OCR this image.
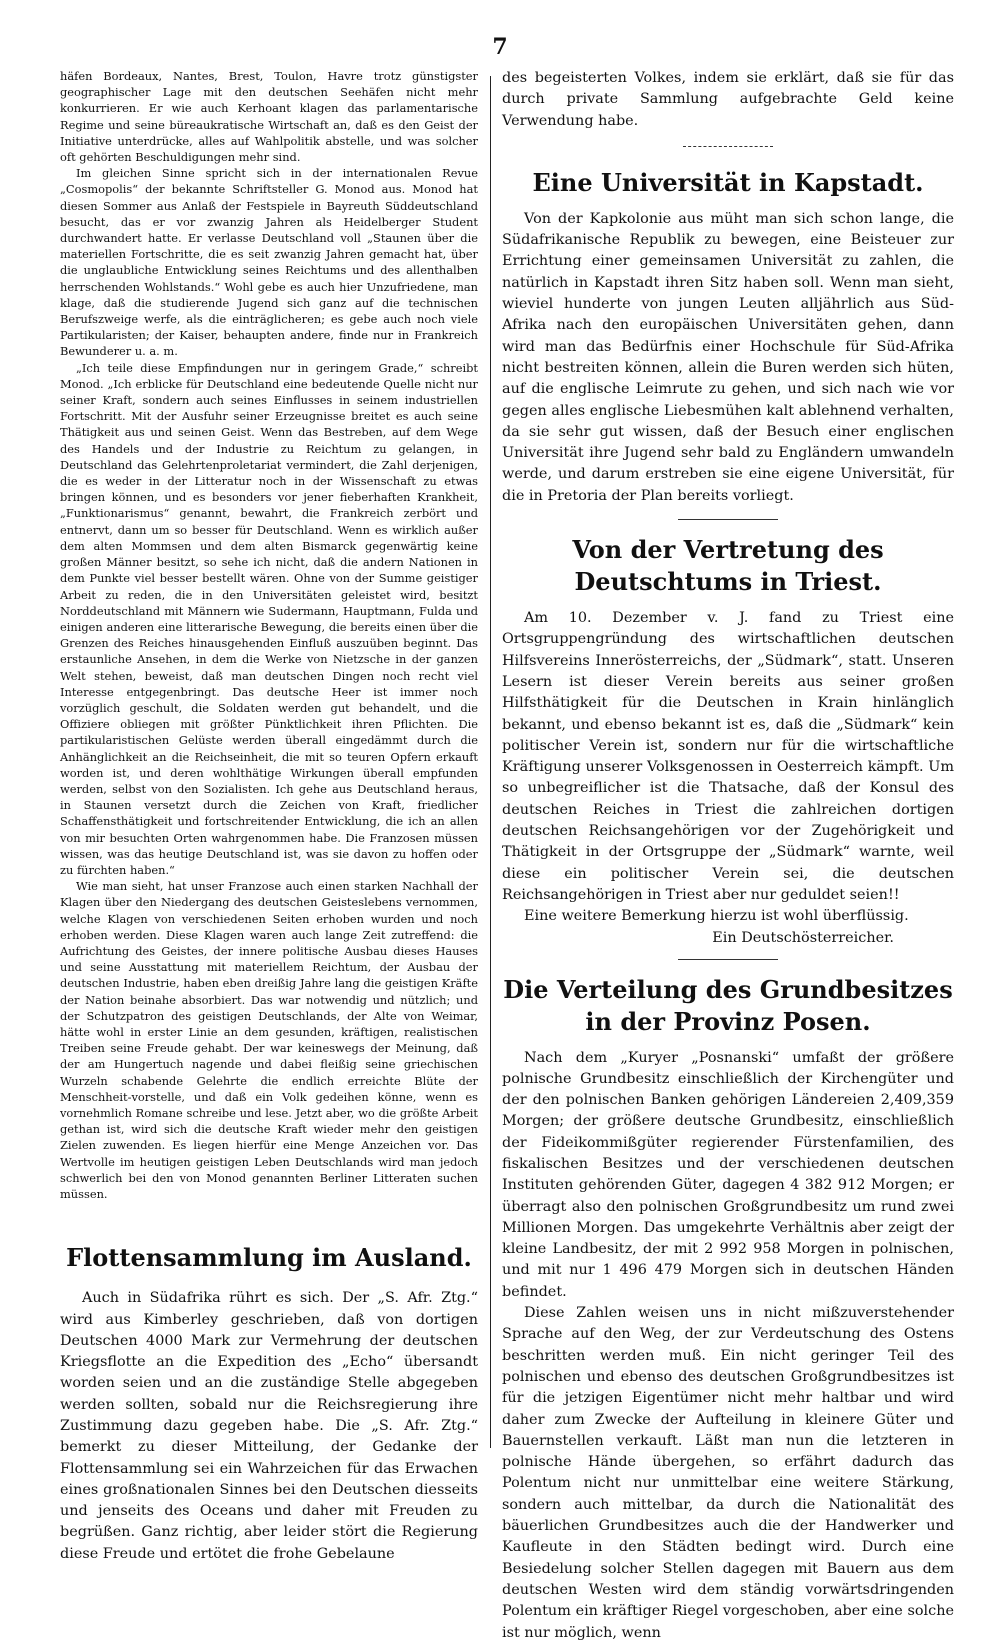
7

häfen Bordeaux, Nantes, Brest, Toulon, Havre trotz günstigster geographischer Lage mit den deutschen Seehäfen nicht mehr konkurrieren. Er wie auch Kerhoant klagen das parlamentarische Regime und seine büreaukratische Wirtschaft an, daß es den Geist der Initiative unterdrücke, alles auf Wahlpolitik abstelle, und was solcher oft gehörten Beschuldigungen mehr sind.

Im gleichen Sinne spricht sich in der internationalen Revue „Cosmopolis“ der bekannte Schriftsteller G. Monod aus. Monod hat diesen Sommer aus Anlaß der Festspiele in Bayreuth Süddeutschland besucht, das er vor zwanzig Jahren als Heidelberger Student durchwandert hatte. Er verlasse Deutschland voll „Staunen über die materiellen Fortschritte, die es seit zwanzig Jahren gemacht hat, über die unglaubliche Entwicklung seines Reichtums und des allenthalben herrschenden Wohlstands.“ Wohl gebe es auch hier Unzufriedene, man klage, daß die studierende Jugend sich ganz auf die technischen Berufszweige werfe, als die einträglicheren; es gebe auch noch viele Partikularisten; der Kaiser, behaupten andere, finde nur in Frankreich Bewunderer u. a. m.

„Ich teile diese Empfindungen nur in geringem Grade,“ schreibt Monod. „Ich erblicke für Deutschland eine bedeutende Quelle nicht nur seiner Kraft, sondern auch seines Einflusses in seinem industriellen Fortschritt. Mit der Ausfuhr seiner Erzeugnisse breitet es auch seine Thätigkeit aus und seinen Geist. Wenn das Bestreben, auf dem Wege des Handels und der Industrie zu Reichtum zu gelangen, in Deutschland das Gelehrtenproletariat vermindert, die Zahl derjenigen, die es weder in der Litteratur noch in der Wissenschaft zu etwas bringen können, und es besonders vor jener fieberhaften Krankheit, „Funktionarismus“ genannt, bewahrt, die Frankreich zerbört und entnervt, dann um so besser für Deutschland. Wenn es wirklich außer dem alten Mommsen und dem alten Bismarck gegenwärtig keine großen Männer besitzt, so sehe ich nicht, daß die andern Nationen in dem Punkte viel besser bestellt wären. Ohne von der Summe geistiger Arbeit zu reden, die in den Universitäten geleistet wird, besitzt Norddeutschland mit Männern wie Sudermann, Hauptmann, Fulda und einigen anderen eine litterarische Bewegung, die bereits einen über die Grenzen des Reiches hinausgehenden Einfluß auszuüben beginnt. Das erstaunliche Ansehen, in dem die Werke von Nietzsche in der ganzen Welt stehen, beweist, daß man deutschen Dingen noch recht viel Interesse entgegenbringt. Das deutsche Heer ist immer noch vorzüglich geschult, die Soldaten werden gut behandelt, und die Offiziere obliegen mit größter Pünktlichkeit ihren Pflichten. Die partikularistischen Gelüste werden überall eingedämmt durch die Anhänglichkeit an die Reichseinheit, die mit so teuren Opfern erkauft worden ist, und deren wohlthätige Wirkungen überall empfunden werden, selbst von den Sozialisten. Ich gehe aus Deutschland heraus, in Staunen versetzt durch die Zeichen von Kraft, friedlicher Schaffensthätigkeit und fortschreitender Entwicklung, die ich an allen von mir besuchten Orten wahrgenommen habe. Die Franzosen müssen wissen, was das heutige Deutschland ist, was sie davon zu hoffen oder zu fürchten haben.“

Wie man sieht, hat unser Franzose auch einen starken Nachhall der Klagen über den Niedergang des deutschen Geisteslebens vernommen, welche Klagen von verschiedenen Seiten erhoben wurden und noch erhoben werden. Diese Klagen waren auch lange Zeit zutreffend: die Aufrichtung des Geistes, der innere politische Ausbau dieses Hauses und seine Ausstattung mit materiellem Reichtum, der Ausbau der deutschen Industrie, haben eben dreißig Jahre lang die geistigen Kräfte der Nation beinahe absorbiert. Das war notwendig und nützlich; und der Schutzpatron des geistigen Deutschlands, der Alte von Weimar, hätte wohl in erster Linie an dem gesunden, kräftigen, realistischen Treiben seine Freude gehabt. Der war keineswegs der Meinung, daß der am Hungertuch nagende und dabei fleißig seine griechischen Wurzeln schabende Gelehrte die endlich erreichte Blüte der Menschheit-vorstelle, und daß ein Volk gedeihen könne, wenn es vornehmlich Romane schreibe und lese. Jetzt aber, wo die größte Arbeit gethan ist, wird sich die deutsche Kraft wieder mehr den geistigen Zielen zuwenden. Es liegen hierfür eine Menge Anzeichen vor. Das Wertvolle im heutigen geistigen Leben Deutschlands wird man jedoch schwerlich bei den von Monod genannten Berliner Litteraten suchen müssen.

Flottensammlung im Ausland.

Auch in Südafrika rührt es sich. Der „S. Afr. Ztg.“ wird aus Kimberley geschrieben, daß von dortigen Deutschen 4000 Mark zur Vermehrung der deutschen Kriegsflotte an die Expedition des „Echo“ übersandt worden seien und an die zuständige Stelle abgegeben werden sollten, sobald nur die Reichsregierung ihre Zustimmung dazu gegeben habe. Die „S. Afr. Ztg.“ bemerkt zu dieser Mitteilung, der Gedanke der Flottensammlung sei ein Wahrzeichen für das Erwachen eines großnationalen Sinnes bei den Deutschen diesseits und jenseits des Oceans und daher mit Freuden zu begrüßen. Ganz richtig, aber leider stört die Regierung diese Freude und ertötet die frohe Gebelaune

des begeisterten Volkes, indem sie erklärt, daß sie für das durch private Sammlung aufgebrachte Geld keine Verwendung habe.

Eine Universität in Kapstadt.

Von der Kapkolonie aus müht man sich schon lange, die Südafrikanische Republik zu bewegen, eine Beisteuer zur Errichtung einer gemeinsamen Universität zu zahlen, die natürlich in Kapstadt ihren Sitz haben soll. Wenn man sieht, wieviel hunderte von jungen Leuten alljährlich aus Süd-Afrika nach den europäischen Universitäten gehen, dann wird man das Bedürfnis einer Hochschule für Süd-Afrika nicht bestreiten können, allein die Buren werden sich hüten, auf die englische Leimrute zu gehen, und sich nach wie vor gegen alles englische Liebesmühen kalt ablehnend verhalten, da sie sehr gut wissen, daß der Besuch einer englischen Universität ihre Jugend sehr bald zu Engländern umwandeln werde, und darum erstreben sie eine eigene Universität, für die in Pretoria der Plan bereits vorliegt.

Von der Vertretung des Deutschtums in Triest.

Am 10. Dezember v. J. fand zu Triest eine Ortsgruppengründung des wirtschaftlichen deutschen Hilfsvereins Innerösterreichs, der „Südmark“, statt. Unseren Lesern ist dieser Verein bereits aus seiner großen Hilfsthätigkeit für die Deutschen in Krain hinlänglich bekannt, und ebenso bekannt ist es, daß die „Südmark“ kein politischer Verein ist, sondern nur für die wirtschaftliche Kräftigung unserer Volksgenossen in Oesterreich kämpft. Um so unbegreiflicher ist die Thatsache, daß der Konsul des deutschen Reiches in Triest die zahlreichen dortigen deutschen Reichsangehörigen vor der Zugehörigkeit und Thätigkeit in der Ortsgruppe der „Südmark“ warnte, weil diese ein politischer Verein sei, die deutschen Reichsangehörigen in Triest aber nur geduldet seien!!

Eine weitere Bemerkung hierzu ist wohl überflüssig.

Ein Deutschösterreicher.

Die Verteilung des Grundbesitzes in der Provinz Posen.

Nach dem „Kuryer „Posnanski“ umfaßt der größere polnische Grundbesitz einschließlich der Kirchengüter und der den polnischen Banken gehörigen Ländereien 2,409,359 Morgen; der größere deutsche Grundbesitz, einschließlich der Fideikommißgüter regierender Fürstenfamilien, des fiskalischen Besitzes und der verschiedenen deutschen Instituten gehörenden Güter, dagegen 4 382 912 Morgen; er überragt also den polnischen Großgrundbesitz um rund zwei Millionen Morgen. Das umgekehrte Verhältnis aber zeigt der kleine Landbesitz, der mit 2 992 958 Morgen in polnischen, und mit nur 1 496 479 Morgen sich in deutschen Händen befindet.

Diese Zahlen weisen uns in nicht mißzuverstehender Sprache auf den Weg, der zur Verdeutschung des Ostens beschritten werden muß. Ein nicht geringer Teil des polnischen und ebenso des deutschen Großgrundbesitzes ist für die jetzigen Eigentümer nicht mehr haltbar und wird daher zum Zwecke der Aufteilung in kleinere Güter und Bauernstellen verkauft. Läßt man nun die letzteren in polnische Hände übergehen, so erfährt dadurch das Polentum nicht nur unmittelbar eine weitere Stärkung, sondern auch mittelbar, da durch die Nationalität des bäuerlichen Grundbesitzes auch die der Handwerker und Kaufleute in den Städten bedingt wird. Durch eine Besiedelung solcher Stellen dagegen mit Bauern aus dem deutschen Westen wird dem ständig vorwärtsdringenden Polentum ein kräftiger Riegel vorgeschoben, aber eine solche ist nur möglich, wenn
